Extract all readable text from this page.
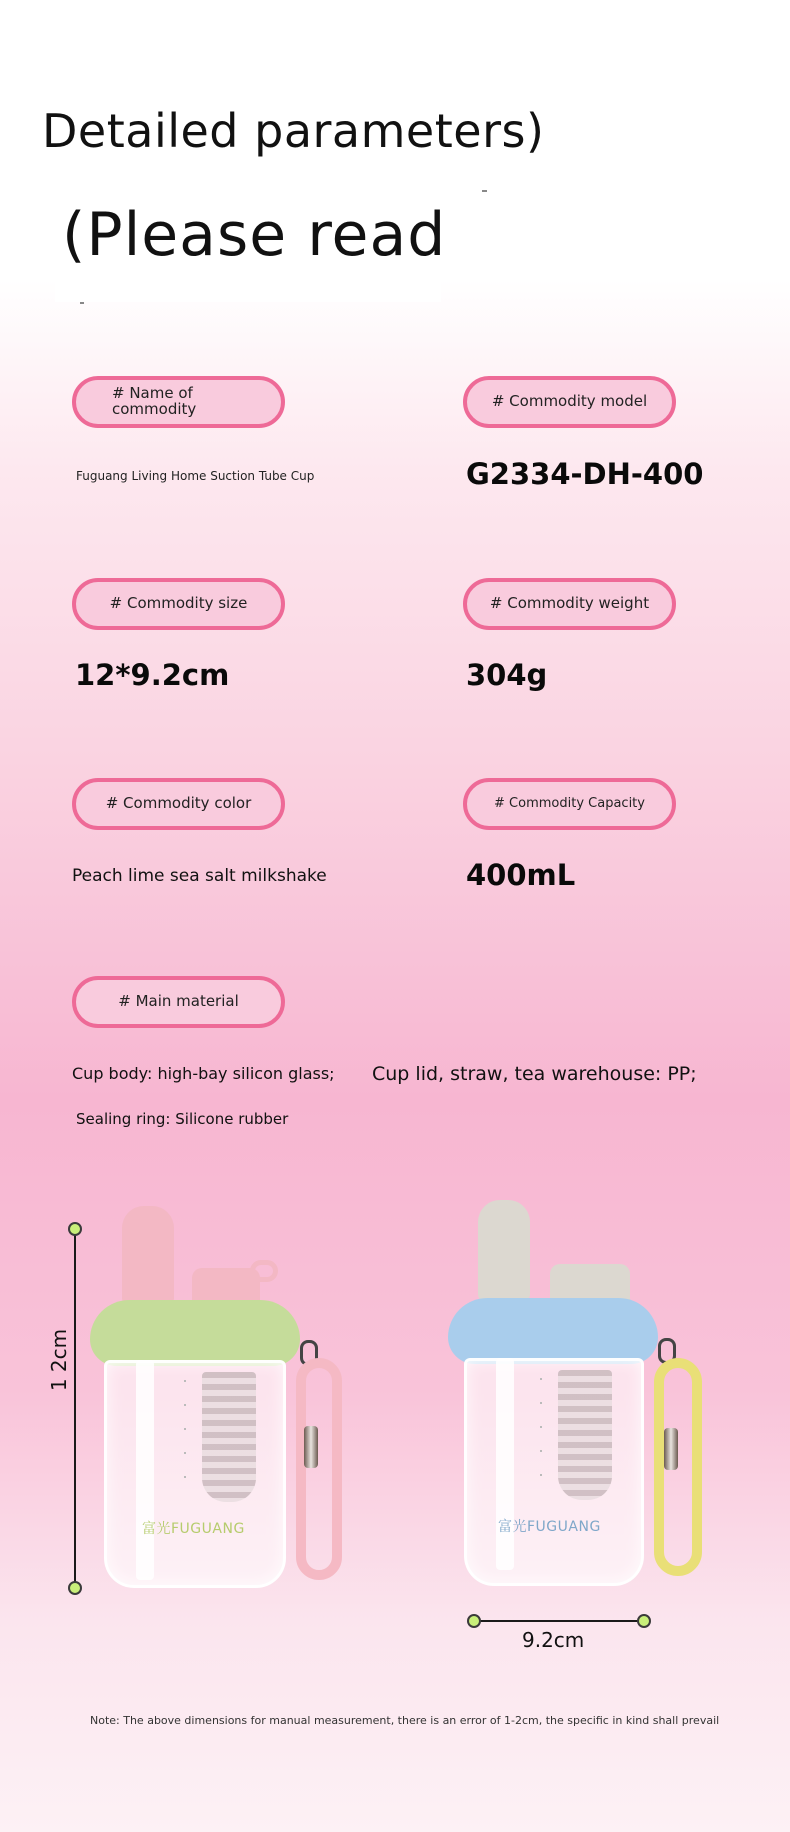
Detailed parameters)
(Please read
# Name of commodity
Fuguang Living Home Suction Tube Cup
# Commodity model
G2334-DH-400
# Commodity size
12*9.2cm
# Commodity weight
304g
# Commodity color
Peach lime sea salt milkshake
# Commodity Capacity
400mL
# Main material
Cup body: high-bay silicon glass; Cup lid, straw, tea warehouse: PP;
Sealing ring: Silicone rubber
1 2cm
富光FUGUANG	富光FUGUANG
9.2cm
Note: The above dimensions for manual measurement, there is an error of 1-2cm, the specific in kind shall prevail
